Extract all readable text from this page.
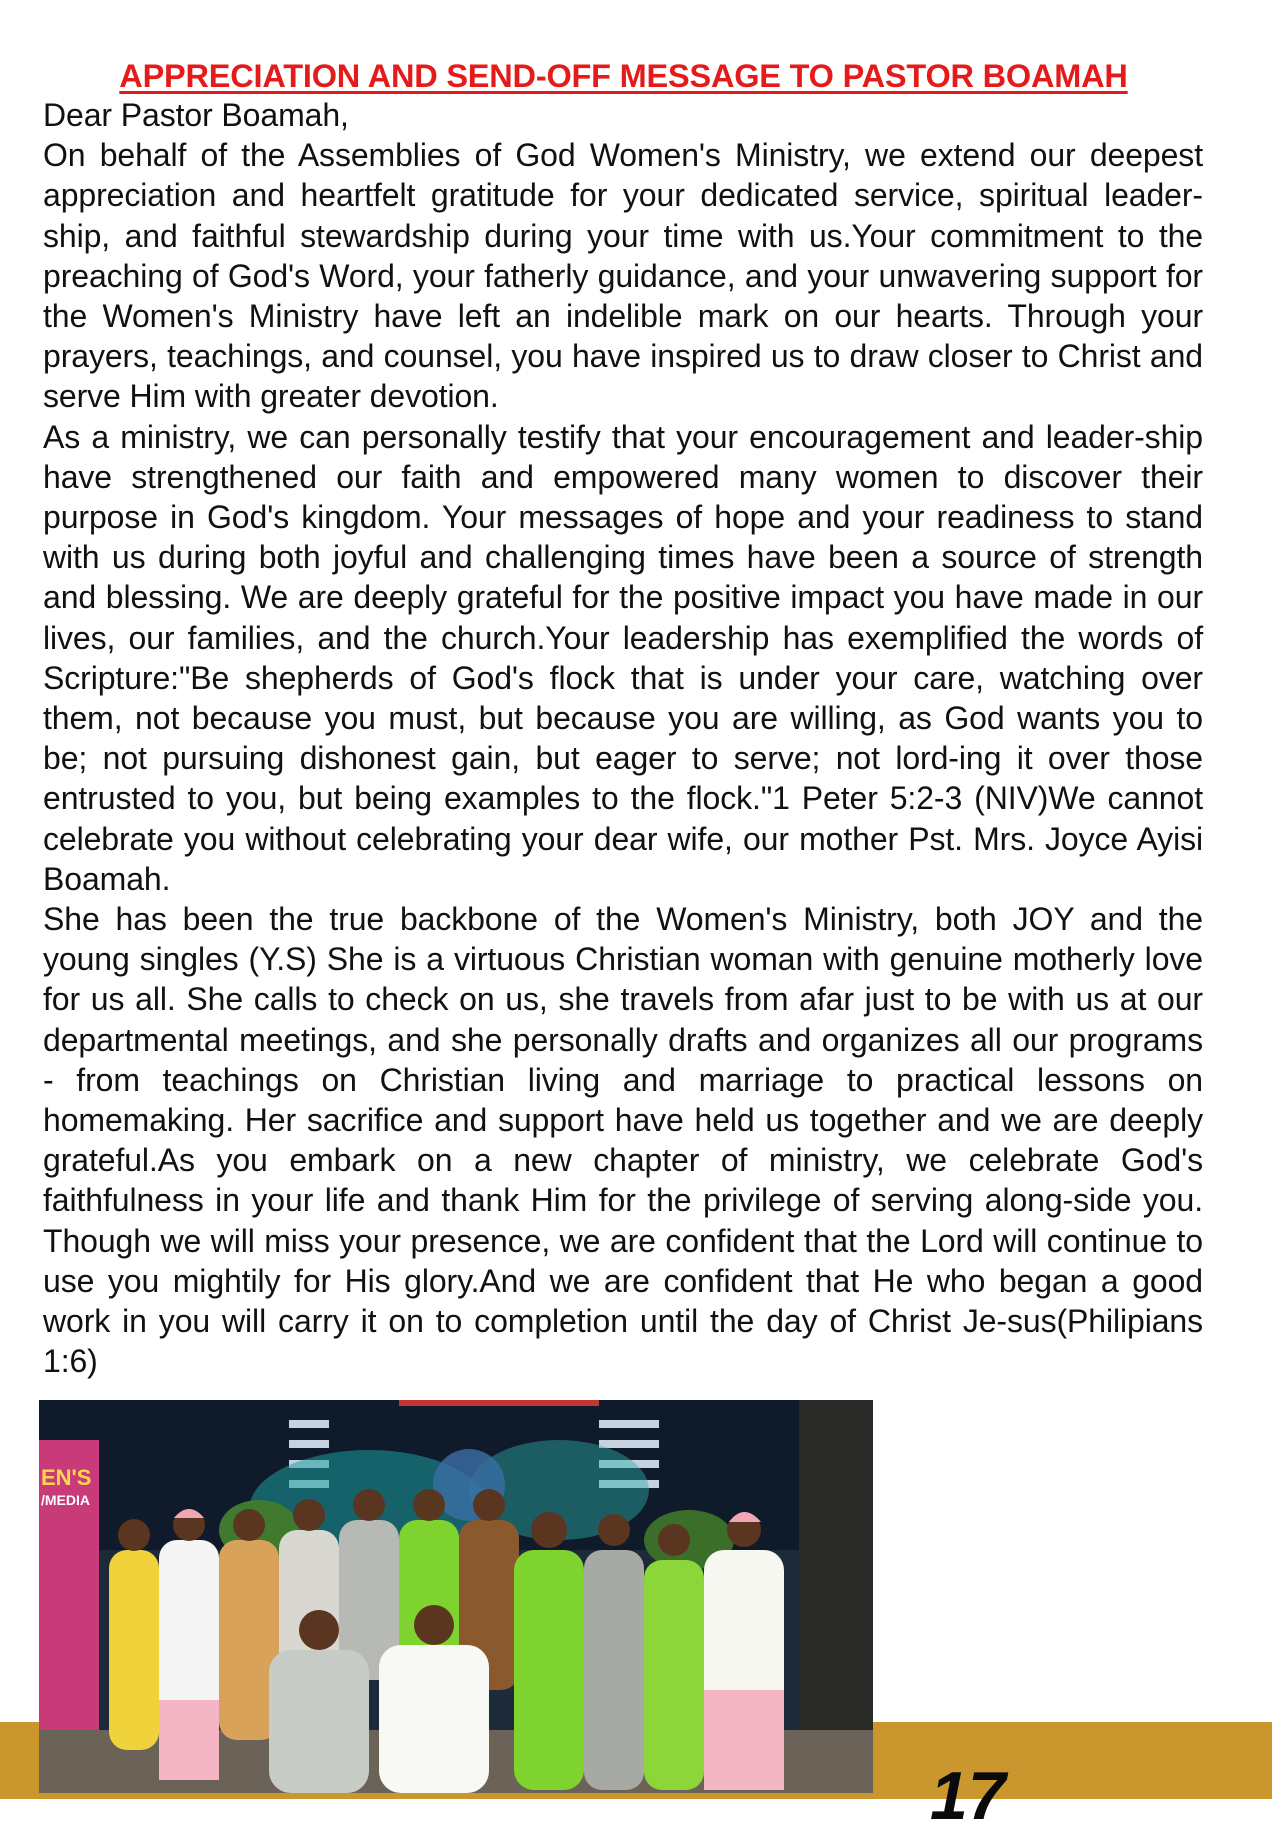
APPRECIATION AND SEND-OFF MESSAGE TO PASTOR BOAMAH

Dear Pastor Boamah,

On behalf of the Assemblies of God Women's Ministry, we extend our deepest appreciation and heartfelt gratitude for your dedicated service, spiritual leader-ship, and faithful stewardship during your time with us.Your commitment to the preaching of God's Word, your fatherly guidance, and your unwavering support for the Women's Ministry have left an indelible mark on our hearts. Through your prayers, teachings, and counsel, you have inspired us to draw closer to Christ and serve Him with greater devotion.

As a ministry, we can personally testify that your encouragement and leader-ship have strengthened our faith and empowered many women to discover their purpose in God's kingdom. Your messages of hope and your readiness to stand with us during both joyful and challenging times have been a source of strength and blessing. We are deeply grateful for the positive impact you have made in our lives, our families, and the church.Your leadership has exemplified the words of Scripture:"Be shepherds of God's flock that is under your care, watching over them, not because you must, but because you are willing, as God wants you to be; not pursuing dishonest gain, but eager to serve; not lord-ing it over those entrusted to you, but being examples to the flock."1 Peter 5:2-3 (NIV)We cannot celebrate you without celebrating your dear wife, our mother Pst. Mrs. Joyce Ayisi Boamah.

She has been the true backbone of the Women's Ministry, both JOY and the young singles (Y.S) She is a virtuous Christian woman with genuine motherly love for us all. She calls to check on us, she travels from afar just to be with us at our departmental meetings, and she personally drafts and organizes all our programs - from teachings on Christian living and marriage to practical lessons on homemaking. Her sacrifice and support have held us together and we are deeply grateful.As you embark on a new chapter of ministry, we celebrate God's faithfulness in your life and thank Him for the privilege of serving along-side you. Though we will miss your presence, we are confident that the Lord will continue to use you mightily for His glory.And we are confident that He who began a good work in you will carry it on to completion until the day of Christ Je-sus(Philipians 1:6)

EN'S
/MEDIA
17
